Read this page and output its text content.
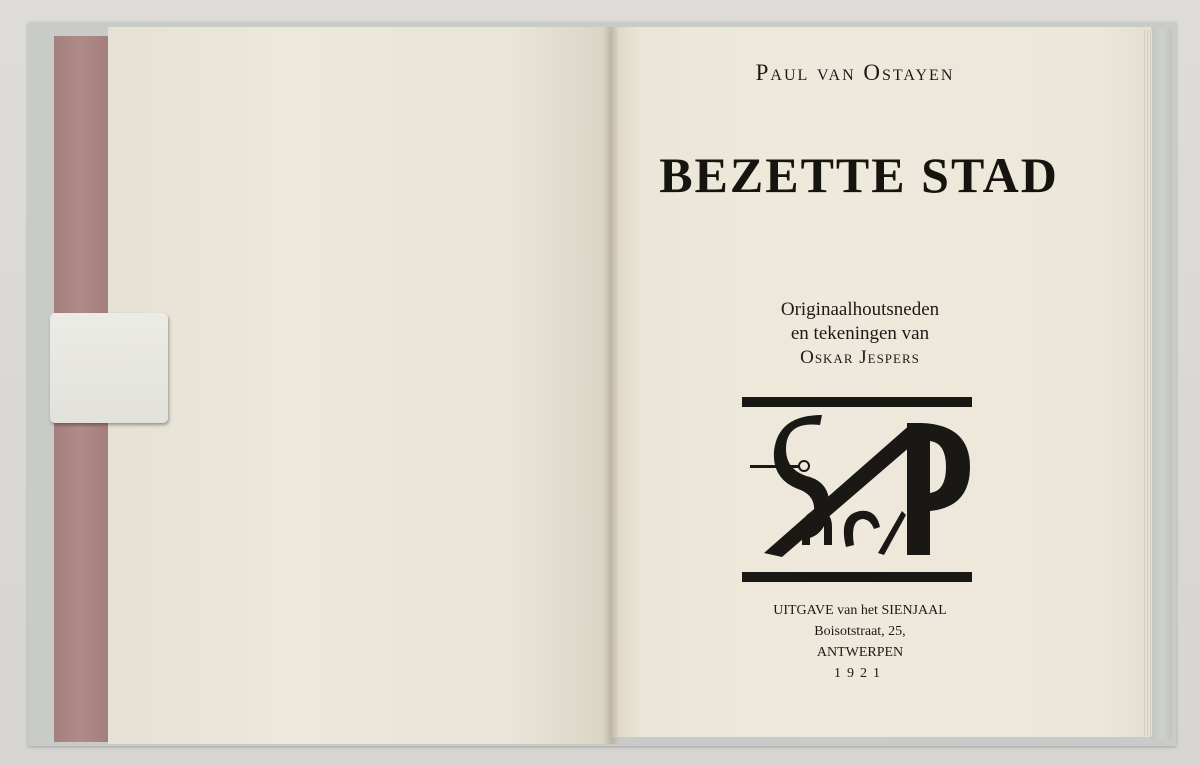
Paul van Ostayen
BEZETTE STAD
Originaalhoutsneden
en tekeningen van
Oskar Jespers
UITGAVE van het SIENJAAL
Boisotstraat, 25,
ANTWERPEN
1921
